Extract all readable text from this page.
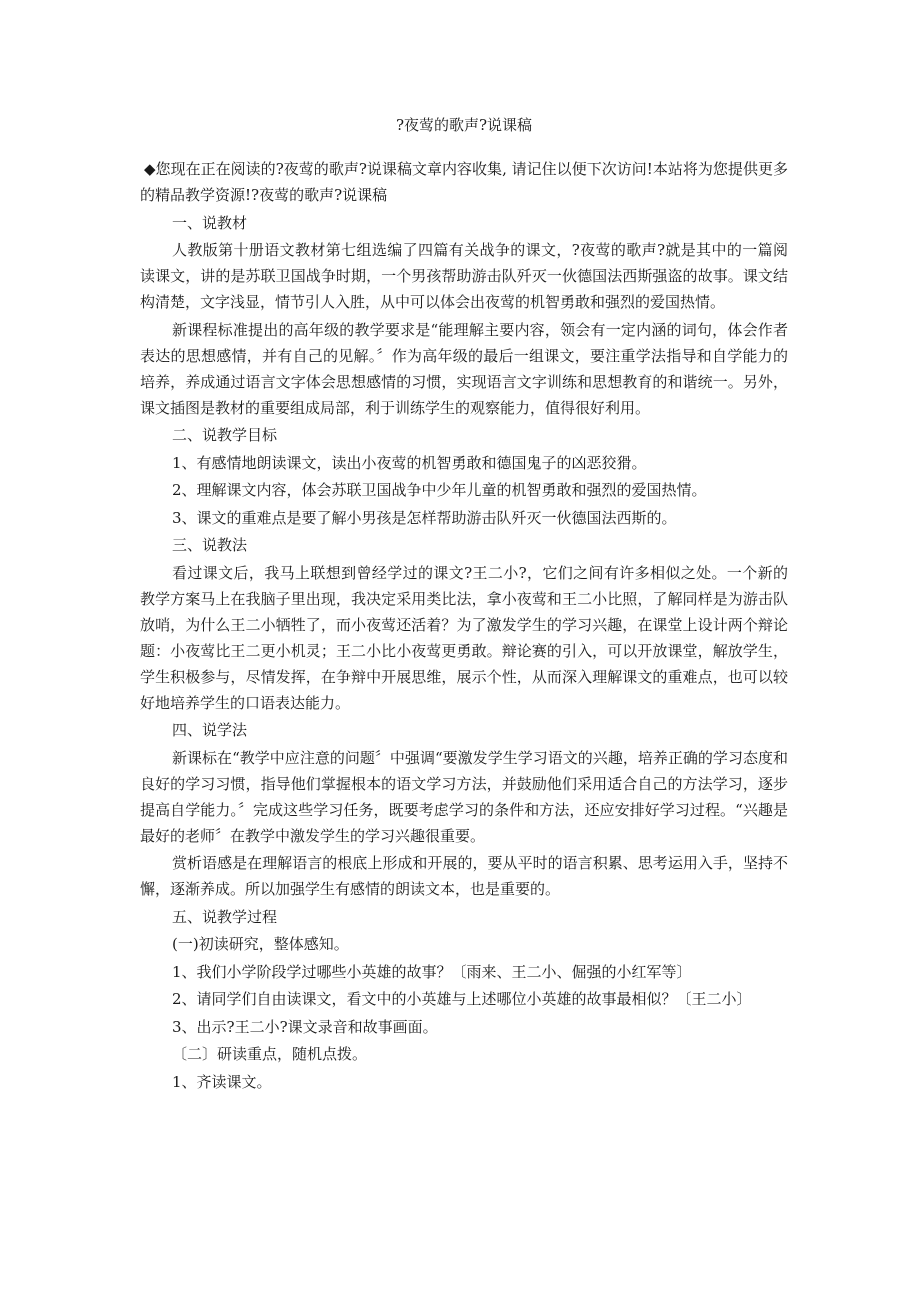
?夜莺的歌声?说课稿

◆您现在正在阅读的?夜莺的歌声?说课稿文章内容收集, 请记住以便下次访问!本站将为您提供更多的精品教学资源!?夜莺的歌声?说课稿

一、说教材

人教版第十册语文教材第七组选编了四篇有关战争的课文，?夜莺的歌声?就是其中的一篇阅读课文，讲的是苏联卫国战争时期，一个男孩帮助游击队歼灭一伙德国法西斯强盗的故事。课文结构清楚，文字浅显，情节引人入胜，从中可以体会出夜莺的机智勇敢和强烈的爱国热情。

新课程标准提出的高年级的教学要求是“能理解主要内容，领会有一定内涵的词句，体会作者表达的思想感情，并有自己的见解。〞作为高年级的最后一组课文，要注重学法指导和自学能力的培养，养成通过语言文字体会思想感情的习惯，实现语言文字训练和思想教育的和谐统一。另外，课文插图是教材的重要组成局部，利于训练学生的观察能力，值得很好利用。

二、说教学目标

1、有感情地朗读课文，读出小夜莺的机智勇敢和德国鬼子的凶恶狡猾。

2、理解课文内容，体会苏联卫国战争中少年儿童的机智勇敢和强烈的爱国热情。

3、课文的重难点是要了解小男孩是怎样帮助游击队歼灭一伙德国法西斯的。

三、说教法

看过课文后，我马上联想到曾经学过的课文?王二小?，它们之间有许多相似之处。一个新的教学方案马上在我脑子里出现，我决定采用类比法，拿小夜莺和王二小比照，了解同样是为游击队放哨，为什么王二小牺牲了，而小夜莺还活着？为了激发学生的学习兴趣，在课堂上设计两个辩论题：小夜莺比王二更小机灵；王二小比小夜莺更勇敢。辩论赛的引入，可以开放课堂，解放学生，学生积极参与，尽情发挥，在争辩中开展思维，展示个性，从而深入理解课文的重难点，也可以较好地培养学生的口语表达能力。

四、说学法

新课标在“教学中应注意的问题〞中强调“要激发学生学习语文的兴趣，培养正确的学习态度和良好的学习习惯，指导他们掌握根本的语文学习方法，并鼓励他们采用适合自己的方法学习，逐步提高自学能力。〞完成这些学习任务，既要考虑学习的条件和方法，还应安排好学习过程。“兴趣是最好的老师〞在教学中激发学生的学习兴趣很重要。

赏析语感是在理解语言的根底上形成和开展的，要从平时的语言积累、思考运用入手，坚持不懈，逐渐养成。所以加强学生有感情的朗读文本，也是重要的。

五、说教学过程

(一)初读研究，整体感知。

1、我们小学阶段学过哪些小英雄的故事？〔雨来、王二小、倔强的小红军等〕

2、请同学们自由读课文，看文中的小英雄与上述哪位小英雄的故事最相似？〔王二小〕

3、出示?王二小?课文录音和故事画面。

〔二〕研读重点，随机点拨。

1、齐读课文。
